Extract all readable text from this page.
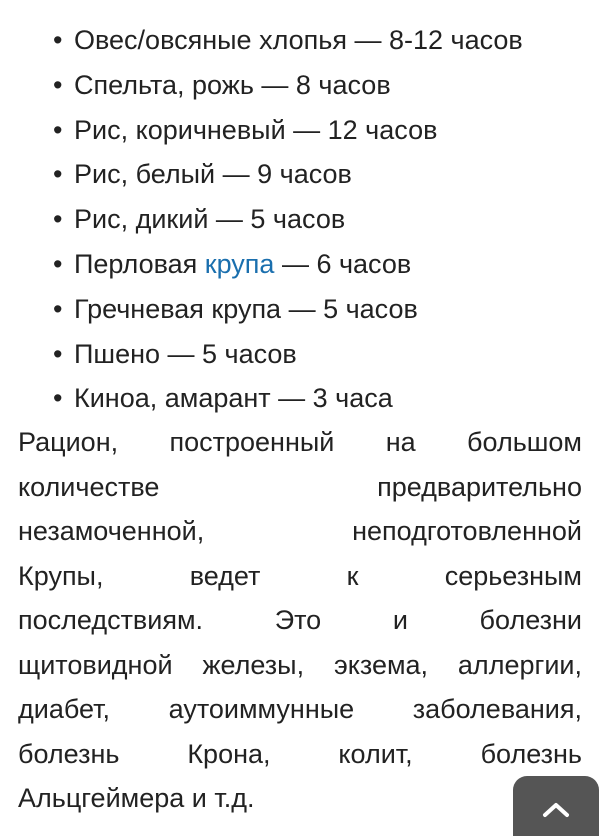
• Овес/овсяные хлопья — 8-12 часов
• Спельта, рожь — 8 часов
• Рис, коричневый — 12 часов
• Рис, белый — 9 часов
• Рис, дикий — 5 часов
• Перловая крупа — 6 часов
• Гречневая крупа — 5 часов
• Пшено — 5 часов
• Киноа, амарант — 3 часа
Рацион, построенный на большом
количестве предварительно
незамоченной, неподготовленной
Крупы, ведет к серьезным
последствиям. Это и болезни
щитовидной железы, экзема, аллергии,
диабет, аутоиммунные заболевания,
болезнь Крона, колит, болезнь
Альцгеймера и т.д.
